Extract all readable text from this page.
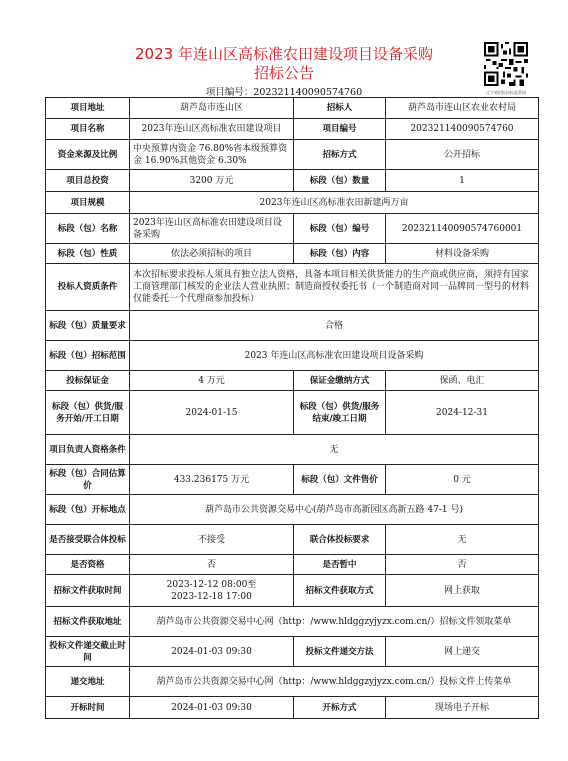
2023 年连山区高标准农田建设项目设备采购
招标公告
项目编号：202321140090574760	辽宁省招标投标监管网
项目地址	葫芦岛市连山区	招标人	葫芦岛市连山区农业农村局
项目名称	2023年连山区高标准农田建设项目	项目编号	202321140090574760
资金来源及比例	中央预算内资金 76.80%省本级预算资金 16.90%其他资金 6.30%	招标方式	公开招标
项目总投资	3200 万元	标段（包）数量	1
项目规模	2023年连山区高标准农田新建两万亩		
标段（包）名称	2023年连山区高标准农田建设项目设备采购	标段（包）编号	202321140090574760001
标段（包）性质	依法必须招标的项目	标段（包）内容	材料设备采购
投标人资质条件	本次招标要求投标人须具有独立法人资格，具备本项目相关供货能力的生产商或供应商，须持有国家工商管理部门核发的企业法人营业执照；制造商授权委托书（一个制造商对同一品牌同一型号的材料仅能委托一个代理商参加投标）		
标段（包）质量要求	合格		
标段（包）招标范围	2023 年连山区高标准农田建设项目设备采购		
投标保证金	4 万元	保证金缴纳方式	保函、电汇
标段（包）供货/服务开始/开工日期	2024-01-15	标段（包）供货/服务结束/竣工日期	2024-12-31
项目负责人资格条件	无		
标段（包）合同估算价	433.236175 万元	标段（包）文件售价	0 元
标段（包）开标地点	葫芦岛市公共资源交易中心(葫芦岛市高新园区高新五路 47-1 号)		
是否接受联合体投标	不接受	联合体投标要求	无
是否资格	否	是否暂中	否
招标文件获取时间	2023-12-12 08:00至
2023-12-18 17:00	招标文件获取方式	网上获取
招标文件获取地址	葫芦岛市公共资源交易中心网（http：/www.hldggzyjyzx.com.cn/）招标文件领取菜单		
投标文件递交截止时间	2024-01-03 09:30	投标文件递交方法	网上递交
递交地址	葫芦岛市公共资源交易中心网（http：/www.hldggzyjyzx.com.cn/）投标文件上传菜单		
开标时间	2024-01-03 09:30	开标方式	现场电子开标
